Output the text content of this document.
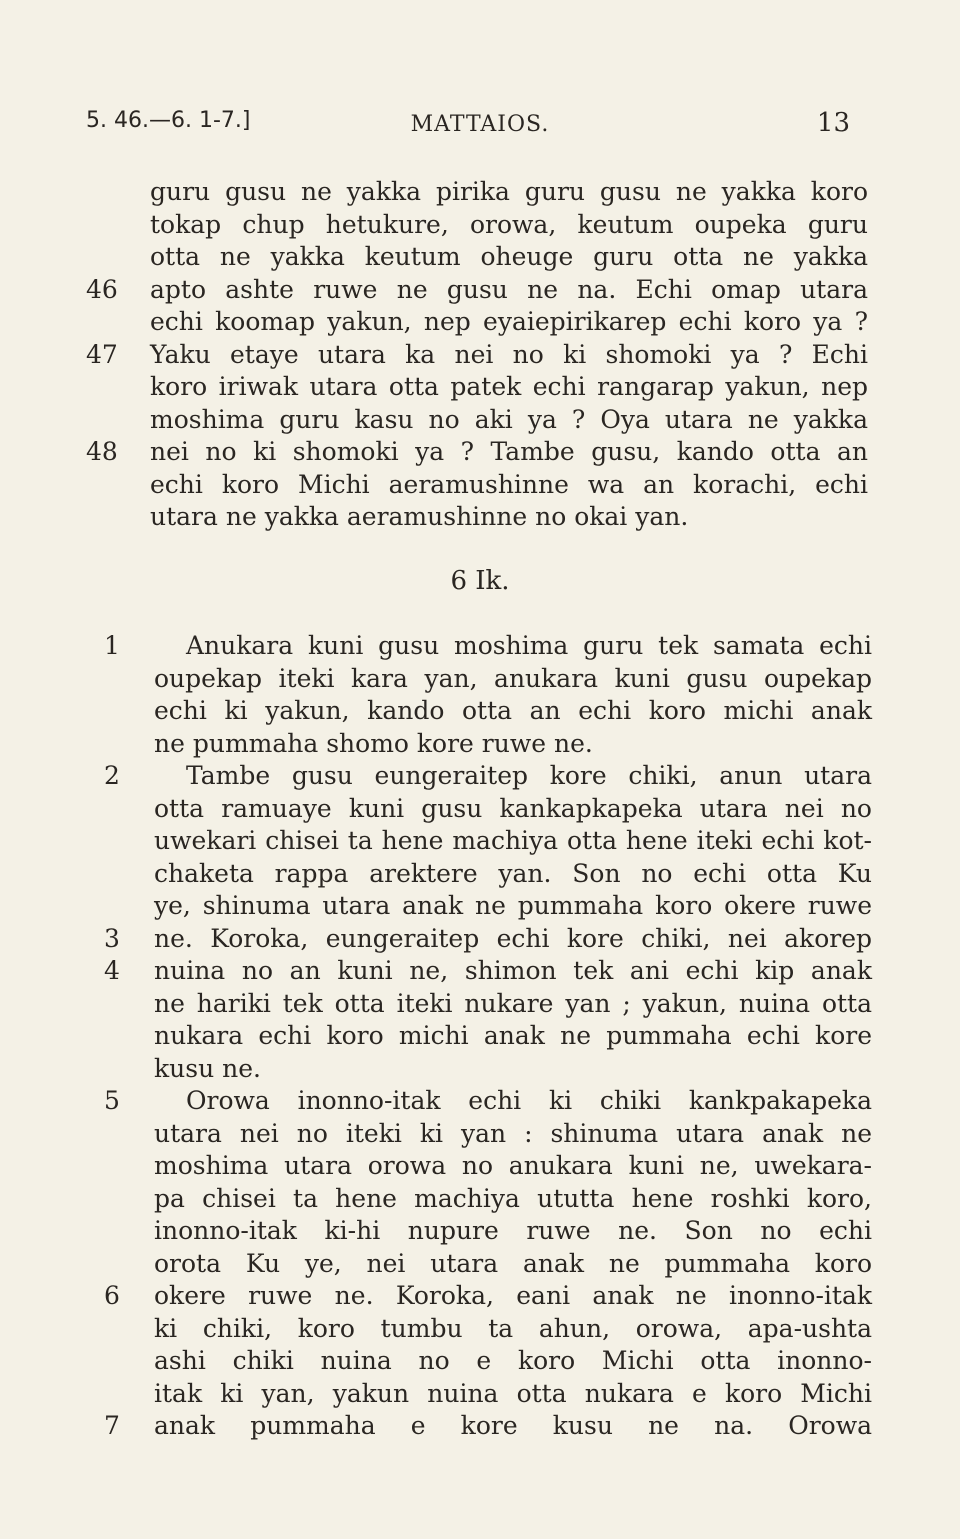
5. 46.—6. 1-7.]	MATTAIOS.	13
6 Ik.
guru gusu ne yakka pirika guru gusu ne yakka koro
tokap chup hetukure, orowa, keutum oupeka guru
otta ne yakka keutum oheuge guru otta ne yakka
apto ashte ruwe ne gusu ne na. Echi omap utara
46
echi koomap yakun, nep eyaiepirikarep echi koro ya ?
Yaku etaye utara ka nei no ki shomoki ya ? Echi
47
koro iriwak utara otta patek echi rangarap yakun, nep
moshima guru kasu no aki ya ? Oya utara ne yakka
nei no ki shomoki ya ? Tambe gusu, kando otta an
48
echi koro Michi aeramushinne wa an korachi, echi
utara ne yakka aeramushinne no okai yan.
Anukara kuni gusu moshima guru tek samata echi
1
oupekap iteki kara yan, anukara kuni gusu oupekap
echi ki yakun, kando otta an echi koro michi anak
ne pummaha shomo kore ruwe ne.
Tambe gusu eungeraitep kore chiki, anun utara
2
otta ramuaye kuni gusu kankapkapeka utara nei no
uwekari chisei ta hene machiya otta hene iteki echi kot-
chaketa rappa arektere yan. Son no echi otta Ku
ye, shinuma utara anak ne pummaha koro okere ruwe
ne. Koroka, eungeraitep echi kore chiki, nei akorep
3
nuina no an kuni ne, shimon tek ani echi kip anak
4
ne hariki tek otta iteki nukare yan ; yakun, nuina otta
nukara echi koro michi anak ne pummaha echi kore
kusu ne.
Orowa inonno-itak echi ki chiki kankpakapeka
5
utara nei no iteki ki yan : shinuma utara anak ne
moshima utara orowa no anukara kuni ne, uwekara-
pa chisei ta hene machiya ututta hene roshki koro,
inonno-itak ki-hi nupure ruwe ne. Son no echi
orota Ku ye, nei utara anak ne pummaha koro
okere ruwe ne. Koroka, eani anak ne inonno-itak
6
ki chiki, koro tumbu ta ahun, orowa, apa-ushta
ashi chiki nuina no e koro Michi otta inonno-
itak ki yan, yakun nuina otta nukara e koro Michi
anak pummaha e kore kusu ne na. Orowa
7
